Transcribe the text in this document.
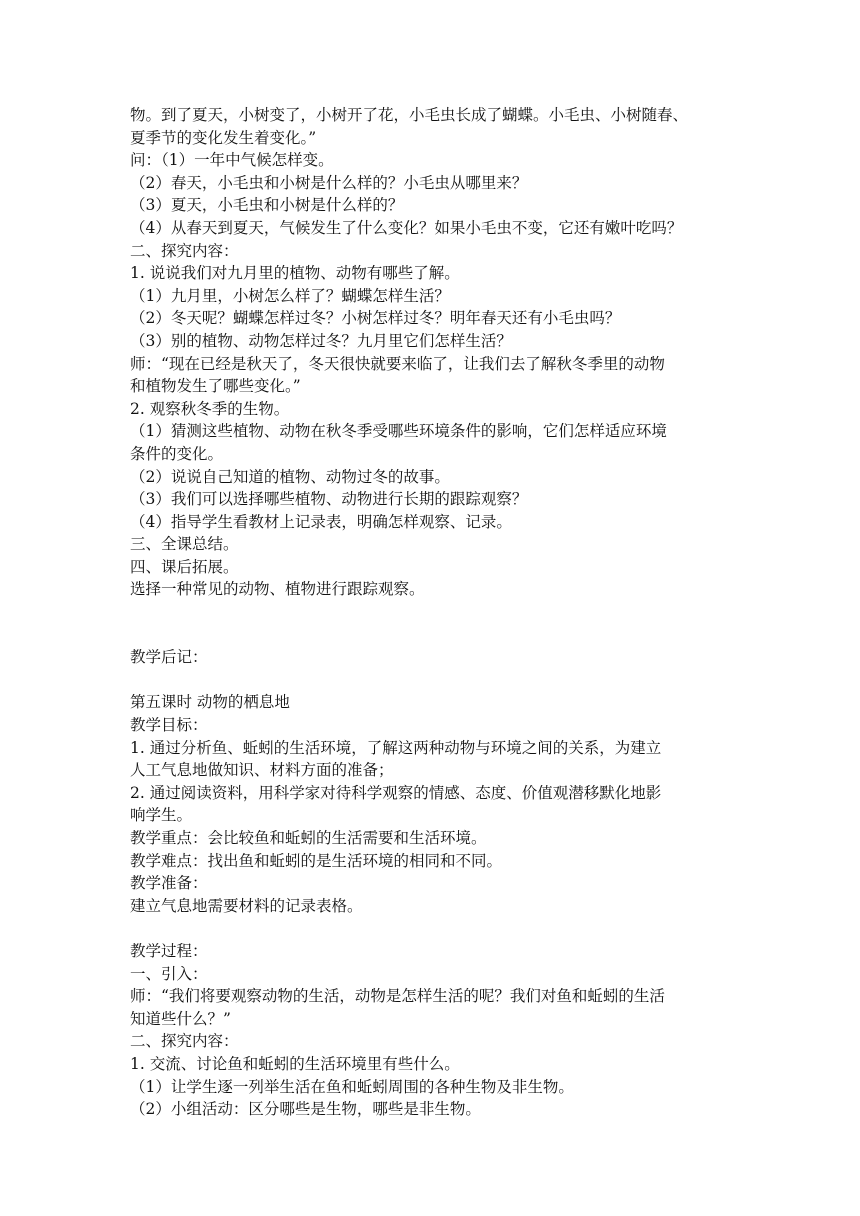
物。到了夏天，小树变了，小树开了花，小毛虫长成了蝴蝶。小毛虫、小树随春、
夏季节的变化发生着变化。”
问：（1）一年中气候怎样变。
（2）春天，小毛虫和小树是什么样的？小毛虫从哪里来？
（3）夏天，小毛虫和小树是什么样的？
（4）从春天到夏天，气候发生了什么变化？如果小毛虫不变，它还有嫩叶吃吗？
二、探究内容：
1. 说说我们对九月里的植物、动物有哪些了解。
（1）九月里，小树怎么样了？蝴蝶怎样生活？
（2）冬天呢？蝴蝶怎样过冬？小树怎样过冬？明年春天还有小毛虫吗？
（3）别的植物、动物怎样过冬？九月里它们怎样生活？
师：“现在已经是秋天了，冬天很快就要来临了，让我们去了解秋冬季里的动物
和植物发生了哪些变化。”
2. 观察秋冬季的生物。
（1）猜测这些植物、动物在秋冬季受哪些环境条件的影响，它们怎样适应环境
条件的变化。
（2）说说自己知道的植物、动物过冬的故事。
（3）我们可以选择哪些植物、动物进行长期的跟踪观察？
（4）指导学生看教材上记录表，明确怎样观察、记录。
三、全课总结。
四、课后拓展。
选择一种常见的动物、植物进行跟踪观察。
教学后记：
第五课时 动物的栖息地
教学目标：
1. 通过分析鱼、蚯蚓的生活环境，了解这两种动物与环境之间的关系，为建立
人工气息地做知识、材料方面的准备；
2. 通过阅读资料，用科学家对待科学观察的情感、态度、价值观潜移默化地影
响学生。
教学重点：会比较鱼和蚯蚓的生活需要和生活环境。
教学难点：找出鱼和蚯蚓的是生活环境的相同和不同。
教学准备：
建立气息地需要材料的记录表格。
教学过程：
一、引入：
师：“我们将要观察动物的生活，动物是怎样生活的呢？我们对鱼和蚯蚓的生活
知道些什么？”
二、探究内容：
1. 交流、讨论鱼和蚯蚓的生活环境里有些什么。
（1）让学生逐一列举生活在鱼和蚯蚓周围的各种生物及非生物。
（2）小组活动：区分哪些是生物，哪些是非生物。
